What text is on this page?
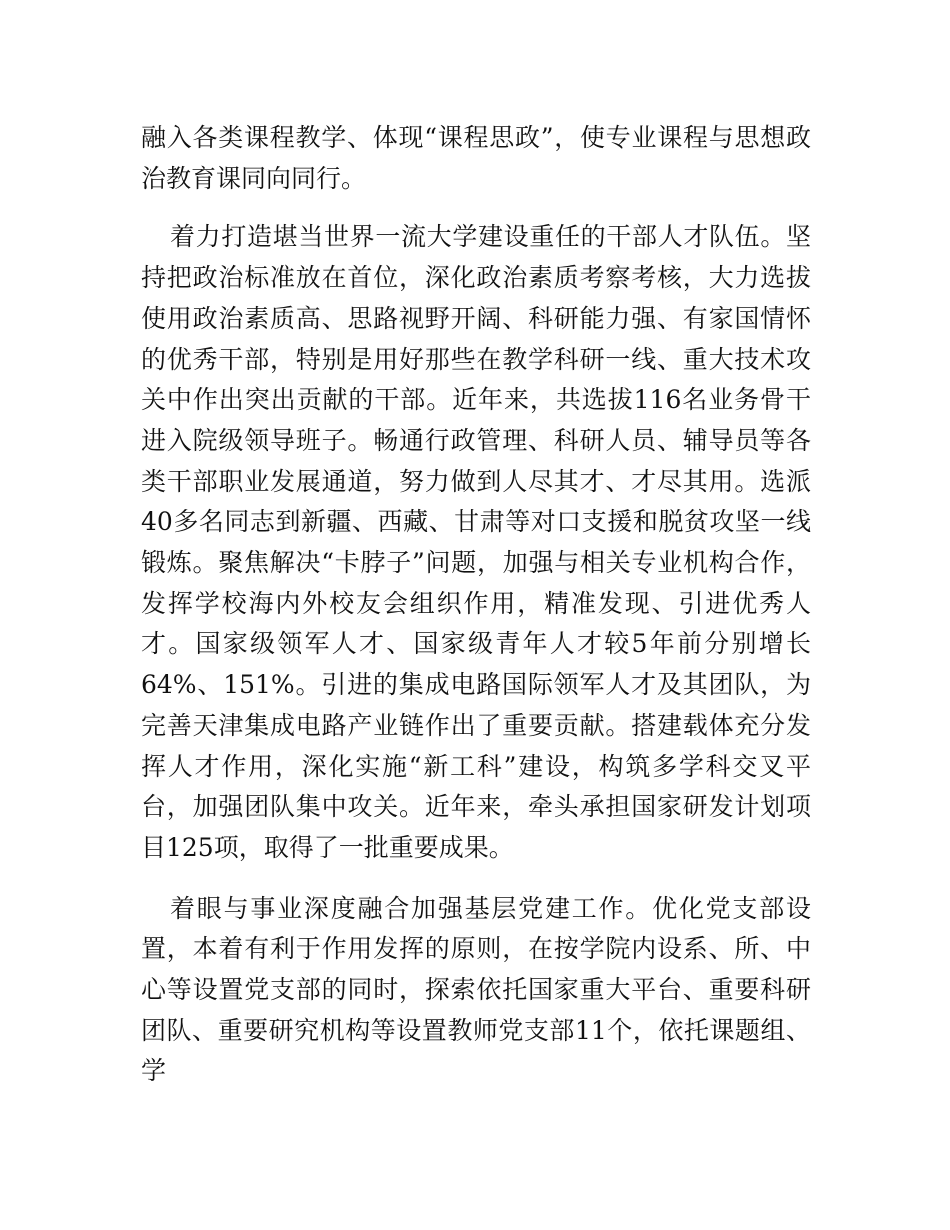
融入各类课程教学、体现“课程思政”，使专业课程与思想政治教育课同向同行。

着力打造堪当世界一流大学建设重任的干部人才队伍。坚持把政治标准放在首位，深化政治素质考察考核，大力选拔使用政治素质高、思路视野开阔、科研能力强、有家国情怀的优秀干部，特别是用好那些在教学科研一线、重大技术攻关中作出突出贡献的干部。近年来，共选拔116名业务骨干进入院级领导班子。畅通行政管理、科研人员、辅导员等各类干部职业发展通道，努力做到人尽其才、才尽其用。选派40多名同志到新疆、西藏、甘肃等对口支援和脱贫攻坚一线锻炼。聚焦解决“卡脖子”问题，加强与相关专业机构合作，发挥学校海内外校友会组织作用，精准发现、引进优秀人才。国家级领军人才、国家级青年人才较5年前分别增长64%、151%。引进的集成电路国际领军人才及其团队，为完善天津集成电路产业链作出了重要贡献。搭建载体充分发挥人才作用，深化实施“新工科”建设，构筑多学科交叉平台，加强团队集中攻关。近年来，牵头承担国家研发计划项目125项，取得了一批重要成果。

着眼与事业深度融合加强基层党建工作。优化党支部设置，本着有利于作用发挥的原则，在按学院内设系、所、中心等设置党支部的同时，探索依托国家重大平台、重要科研团队、重要研究机构等设置教师党支部11个，依托课题组、学
